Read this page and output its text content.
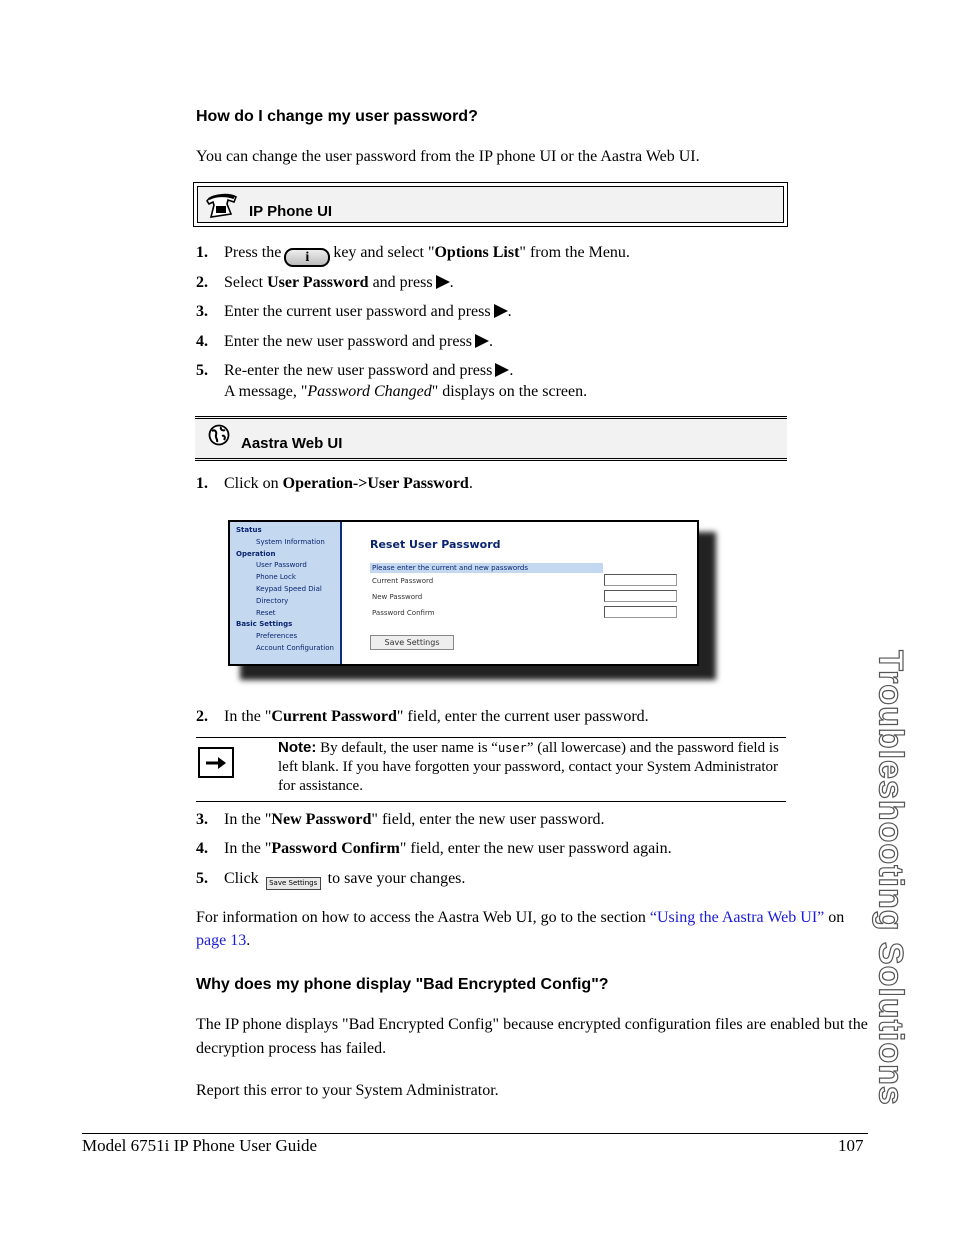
How do I change my user password?
You can change the user password from the IP phone UI or the Aastra Web UI.
IP Phone UI
1. Press the i key and select "Options List" from the Menu.
2. Select User Password and press .
3. Enter the current user password and press .
4. Enter the new user password and press .
5. Re-enter the new user password and press .
A message, "Password Changed" displays on the screen.
Aastra Web UI
1. Click on Operation->User Password.
Status
System Information
Operation
User Password
Phone Lock
Keypad Speed Dial
Directory
Reset
Basic Settings
Preferences
Account Configuration
Reset User Password
Please enter the current and new passwords
Current Password
New Password
Password Confirm
Save Settings
2. In the "Current Password" field, enter the current user password.
Note: By default, the user name is “user” (all lowercase) and the password field is left blank. If you have forgotten your password, contact your System Administrator for assistance.
3. In the "New Password" field, enter the new user password.
4. In the "Password Confirm" field, enter the new user password again.
5. Click Save Settings to save your changes.
For information on how to access the Aastra Web UI, go to the section “Using the Aastra Web UI” on page 13.
Why does my phone display "Bad Encrypted Config"?
The IP phone displays "Bad Encrypted Config" because encrypted configuration files are enabled but the decryption process has failed.
Report this error to your System Administrator.	Troubleshooting Solutions
Model 6751i IP Phone User Guide	107
